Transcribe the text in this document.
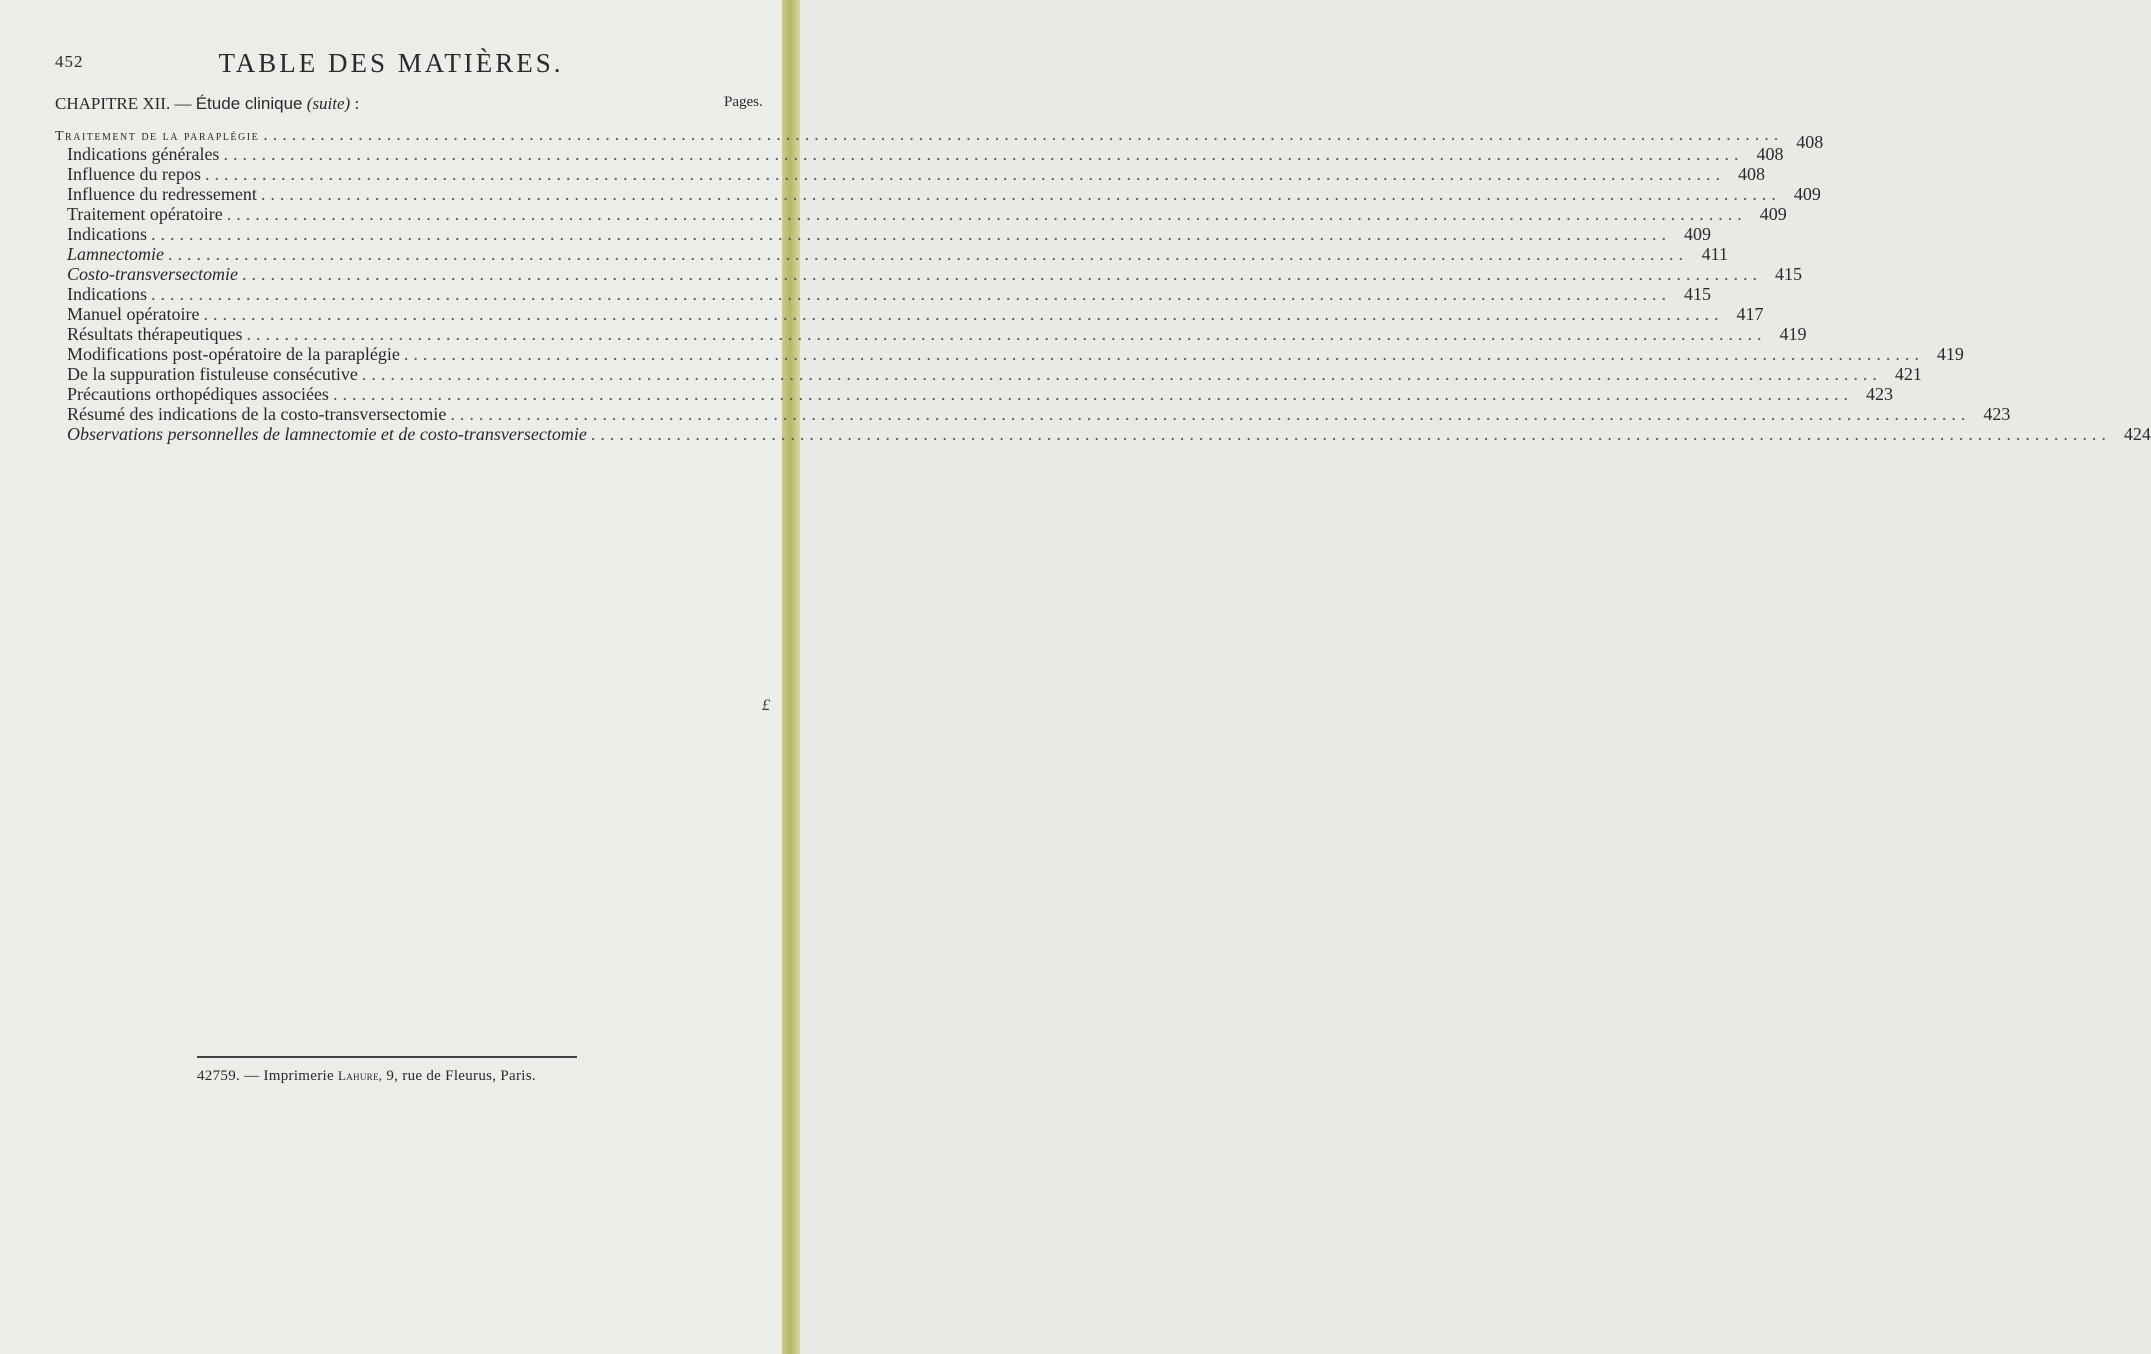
452	TABLE DES MATIÈRES.
CHAPITRE XII. — Étude clinique (suite) :	Pages.
Traitement de la paraplégie ................................................................................................................................................................ 408
Indications générales ................................................................................................................................................................ 408
Influence du repos ................................................................................................................................................................ 408
Influence du redressement ................................................................................................................................................................ 409
Traitement opératoire ................................................................................................................................................................ 409
Indications ................................................................................................................................................................ 409
Lamnectomie ................................................................................................................................................................ 411
Costo-transversectomie ................................................................................................................................................................ 415
Indications ................................................................................................................................................................ 415
Manuel opératoire ................................................................................................................................................................ 417
Résultats thérapeutiques ................................................................................................................................................................ 419
Modifications post-opératoire de la paraplégie ................................................................................................................................................................ 419
De la suppuration fistuleuse consécutive ................................................................................................................................................................ 421
Précautions orthopédiques associées ................................................................................................................................................................ 423
Résumé des indications de la costo-transversectomie ................................................................................................................................................................ 423
Observations personnelles de lamnectomie et de costo-transversectomie ................................................................................................................................................................ 424
£
42759. — Imprimerie Lahure, 9, rue de Fleurus, Paris.
